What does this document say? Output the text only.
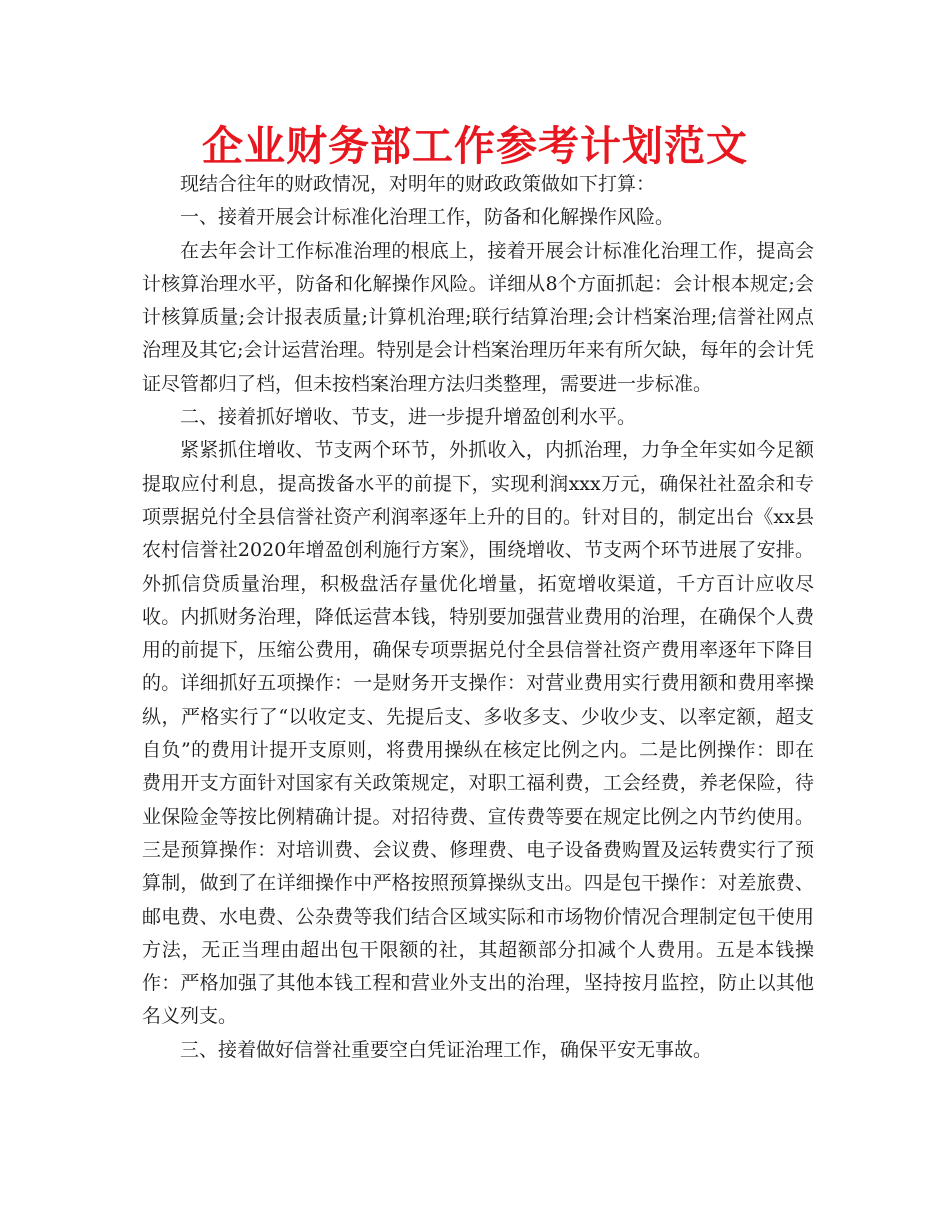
企业财务部工作参考计划范文

现结合往年的财政情况，对明年的财政政策做如下打算：

一、接着开展会计标准化治理工作，防备和化解操作风险。

在去年会计工作标准治理的根底上，接着开展会计标准化治理工作，提高会计核算治理水平，防备和化解操作风险。详细从8个方面抓起：会计根本规定;会计核算质量;会计报表质量;计算机治理;联行结算治理;会计档案治理;信誉社网点治理及其它;会计运营治理。特别是会计档案治理历年来有所欠缺，每年的会计凭证尽管都归了档，但未按档案治理方法归类整理，需要进一步标准。

二、接着抓好增收、节支，进一步提升增盈创利水平。

紧紧抓住增收、节支两个环节，外抓收入，内抓治理，力争全年实如今足额提取应付利息，提高拨备水平的前提下，实现利润xxx万元，确保社社盈余和专项票据兑付全县信誉社资产利润率逐年上升的目的。针对目的，制定出台《xx县农村信誉社2020年增盈创利施行方案》，围绕增收、节支两个环节进展了安排。外抓信贷质量治理，积极盘活存量优化增量，拓宽增收渠道，千方百计应收尽收。内抓财务治理，降低运营本钱，特别要加强营业费用的治理，在确保个人费用的前提下，压缩公费用，确保专项票据兑付全县信誉社资产费用率逐年下降目的。详细抓好五项操作：一是财务开支操作：对营业费用实行费用额和费用率操纵，严格实行了“以收定支、先提后支、多收多支、少收少支、以率定额，超支自负”的费用计提开支原则，将费用操纵在核定比例之内。二是比例操作：即在费用开支方面针对国家有关政策规定，对职工福利费，工会经费，养老保险，待业保险金等按比例精确计提。对招待费、宣传费等要在规定比例之内节约使用。三是预算操作：对培训费、会议费、修理费、电子设备费购置及运转费实行了预算制，做到了在详细操作中严格按照预算操纵支出。四是包干操作：对差旅费、邮电费、水电费、公杂费等我们结合区域实际和市场物价情况合理制定包干使用方法，无正当理由超出包干限额的社，其超额部分扣减个人费用。五是本钱操作：严格加强了其他本钱工程和营业外支出的治理，坚持按月监控，防止以其他名义列支。

三、接着做好信誉社重要空白凭证治理工作，确保平安无事故。
